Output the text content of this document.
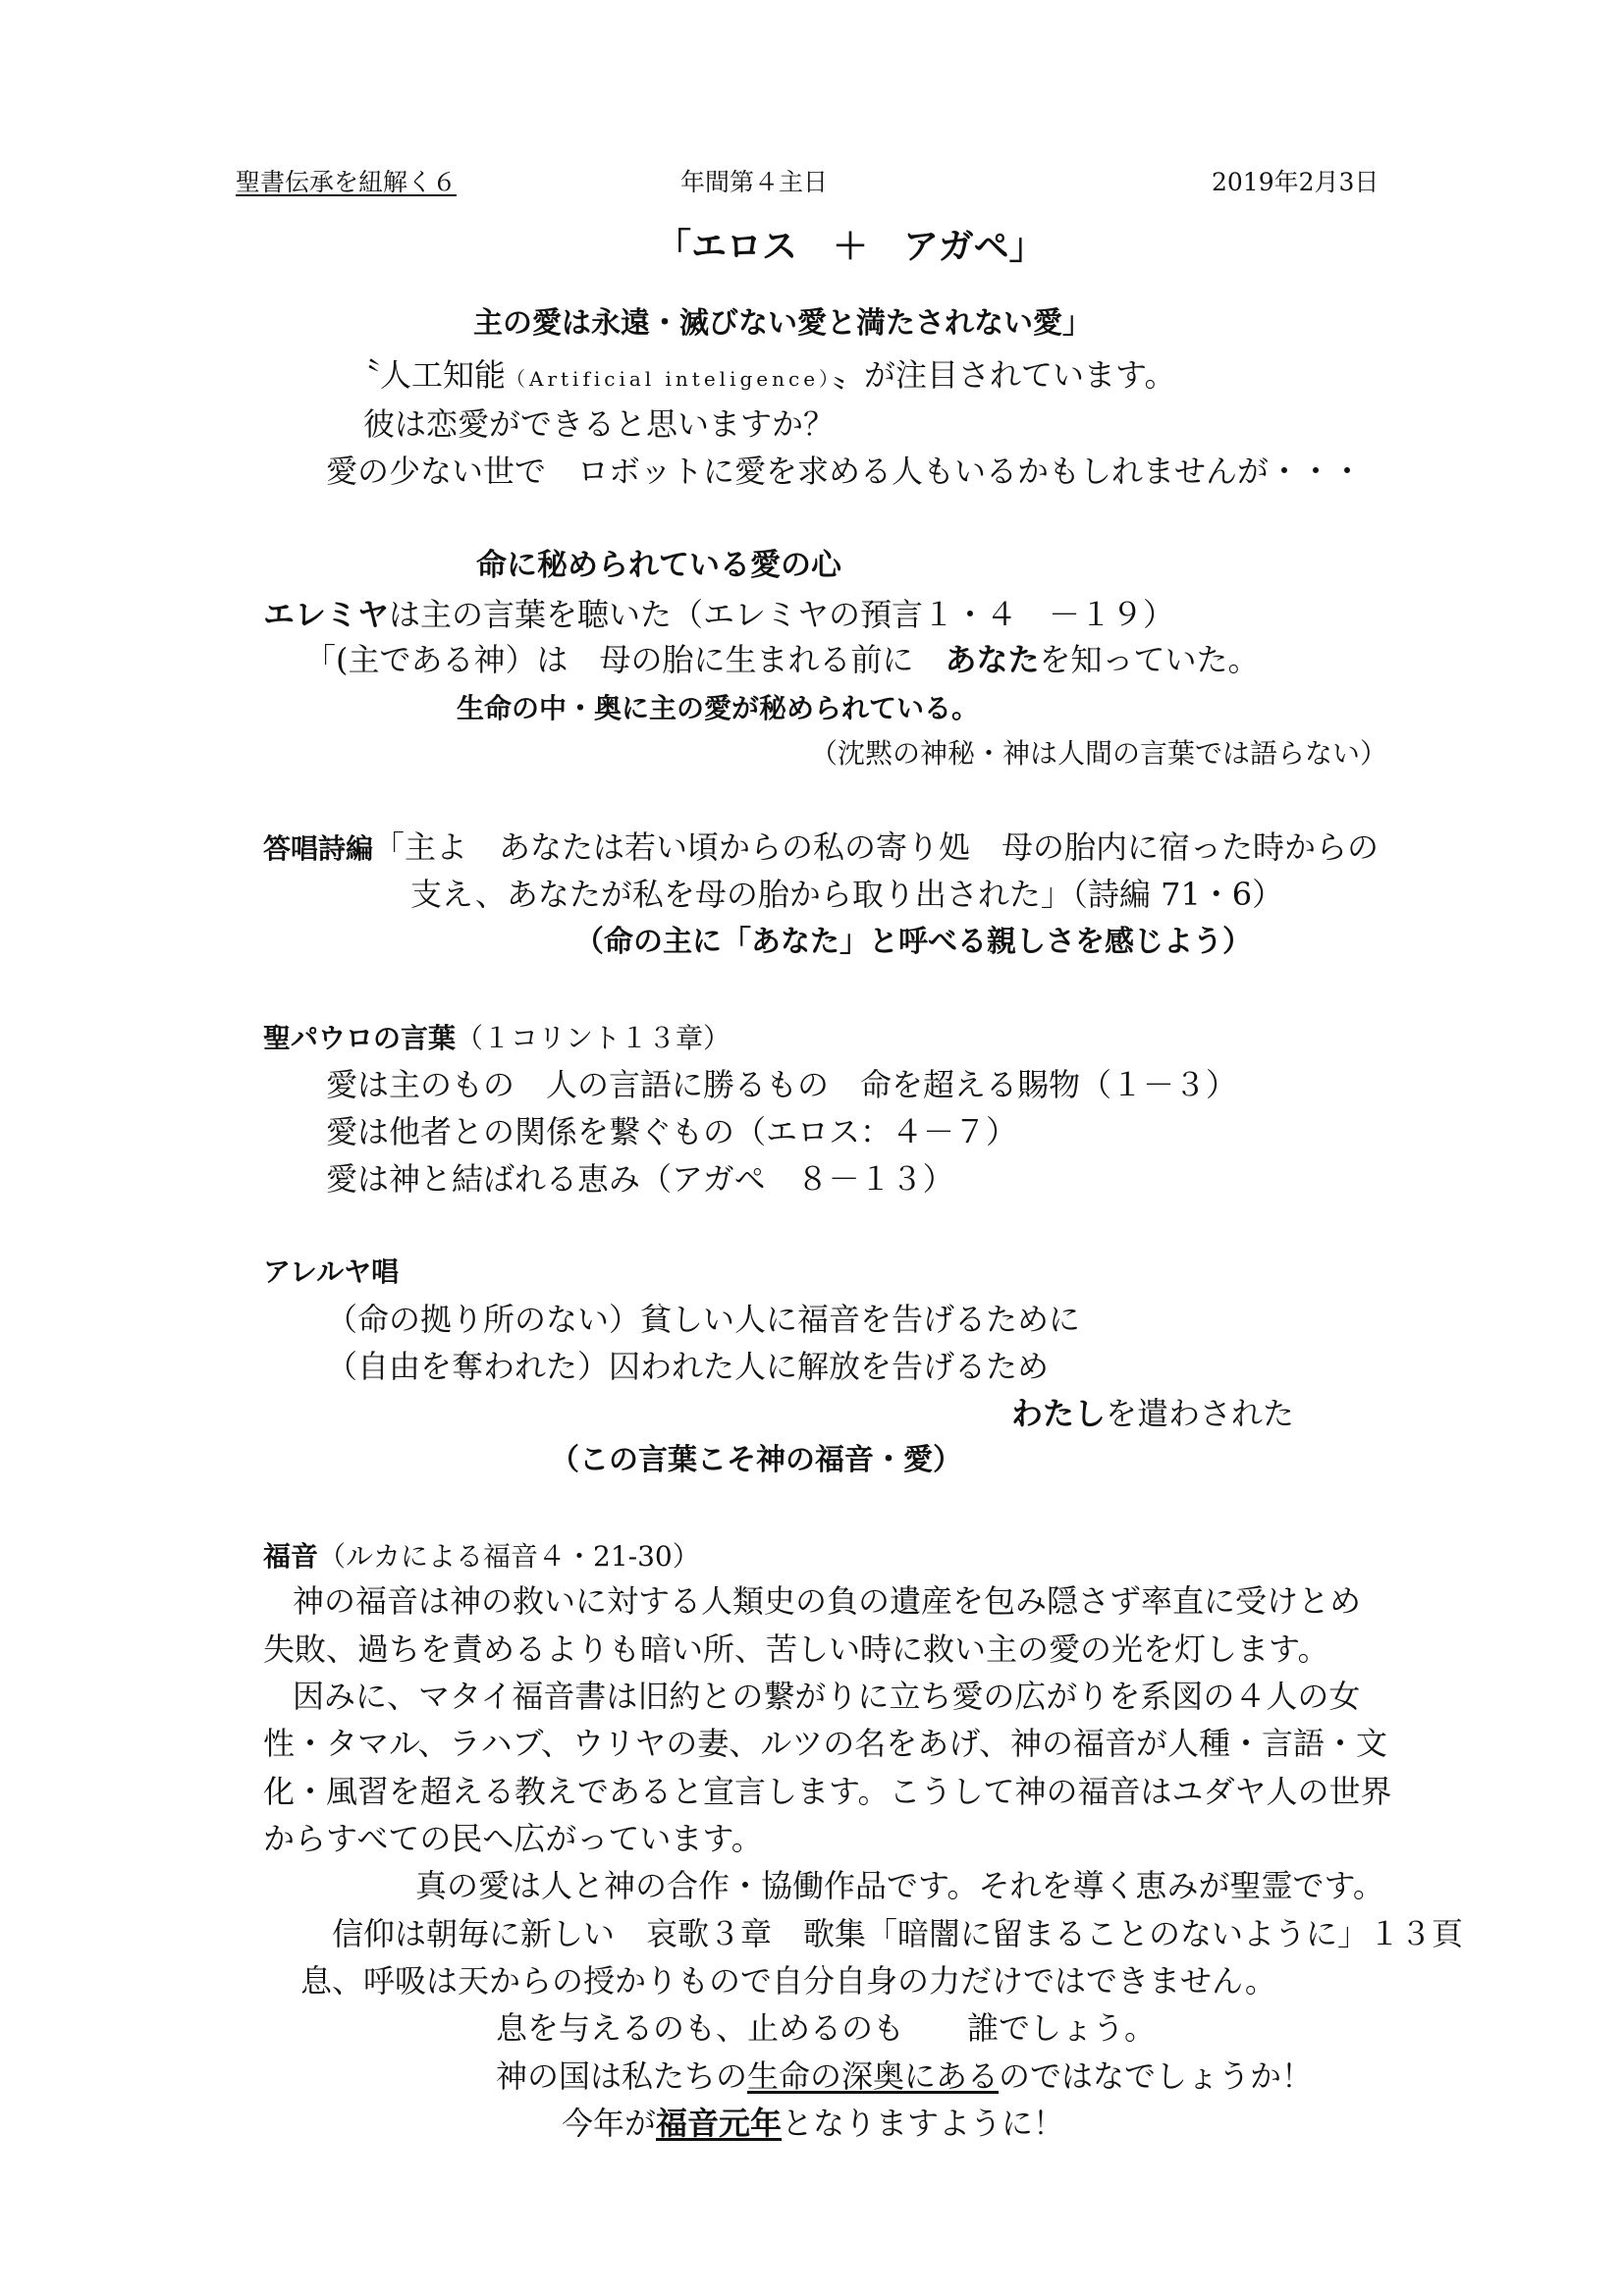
聖書伝承を紐解く６	年間第４主日	2019年2月3日
「エロス　＋　アガペ」
主の愛は永遠・滅びない愛と満たされない愛」
〝人工知能（Artificial inteligence）〟が注目されています。
彼は恋愛ができると思いますか？
愛の少ない世で　ロボットに愛を求める人もいるかもしれませんが・・・
命に秘められている愛の心
エレミヤは主の言葉を聴いた（エレミヤの預言１・４　－１９）
「(主である神）は　母の胎に生まれる前に　あなたを知っていた。
生命の中・奥に主の愛が秘められている。
（沈黙の神秘・神は人間の言葉では語らない）
答唱詩編「主よ　あなたは若い頃からの私の寄り処　母の胎内に宿った時からの
支え、あなたが私を母の胎から取り出された」（詩編 71・6）
（命の主に「あなた」と呼べる親しさを感じよう）
聖パウロの言葉（１コリント１３章）
愛は主のもの　人の言語に勝るもの　命を超える賜物（１－３）
愛は他者との関係を繋ぐもの（エロス：４－７）
愛は神と結ばれる恵み（アガペ　８－１３）
アレルヤ唱
（命の拠り所のない）貧しい人に福音を告げるために
（自由を奪われた）囚われた人に解放を告げるため
わたしを遣わされた
（この言葉こそ神の福音・愛）
福音（ルカによる福音４・21-30）
神の福音は神の救いに対する人類史の負の遺産を包み隠さず率直に受けとめ
失敗、過ちを責めるよりも暗い所、苦しい時に救い主の愛の光を灯します。
因みに、マタイ福音書は旧約との繋がりに立ち愛の広がりを系図の４人の女
性・タマル、ラハブ、ウリヤの妻、ルツの名をあげ、神の福音が人種・言語・文
化・風習を超える教えであると宣言します。こうして神の福音はユダヤ人の世界
からすべての民へ広がっています。
真の愛は人と神の合作・協働作品です。それを導く恵みが聖霊です。
信仰は朝毎に新しい　哀歌３章　歌集「暗闇に留まることのないように」１３頁
息、呼吸は天からの授かりもので自分自身の力だけではできません。
息を与えるのも、止めるのも　　誰でしょう。
神の国は私たちの生命の深奥にあるのではなでしょうか！
今年が福音元年となりますように！
